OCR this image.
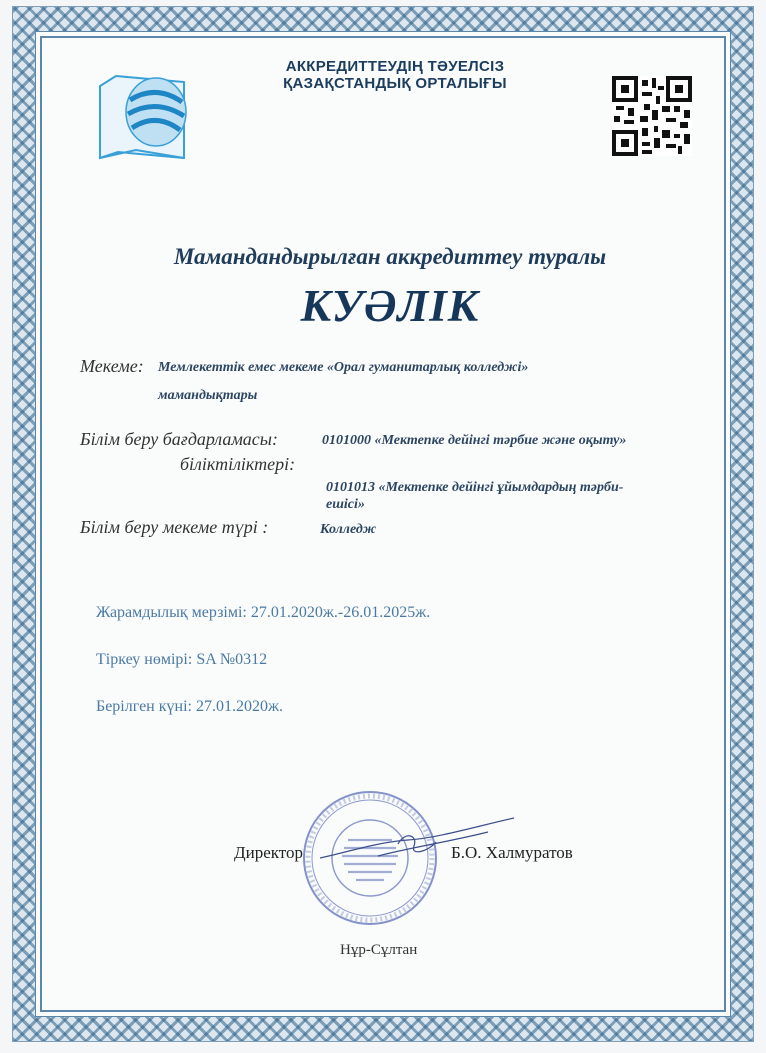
АККРЕДИТТЕУДІҢ ТӘУЕЛСІЗ
ҚАЗАҚСТАНДЫҚ ОРТАЛЫҒЫ
Мамандандырылған аккредиттеу туралы
КУӘЛІК
Мекеме: Мемлекеттік емес мекеме «Орал гуманитарлық колледжі»
мамандықтары
Білім беру бағдарламасы:	0101000 «Мектепке дейінгі тәрбие және оқыту»
біліктіліктері:
0101013 «Мектепке дейінгі ұйымдардың тәрби-
ешісі»
Білім беру мекеме түрі :	Колледж
Жарамдылық мерзімі: 27.01.2020ж.-26.01.2025ж.
Тіркеу нөмірі: SA №0312
Берілген күні: 27.01.2020ж.
Директор	Б.О. Халмуратов
Нұр-Сұлтан
